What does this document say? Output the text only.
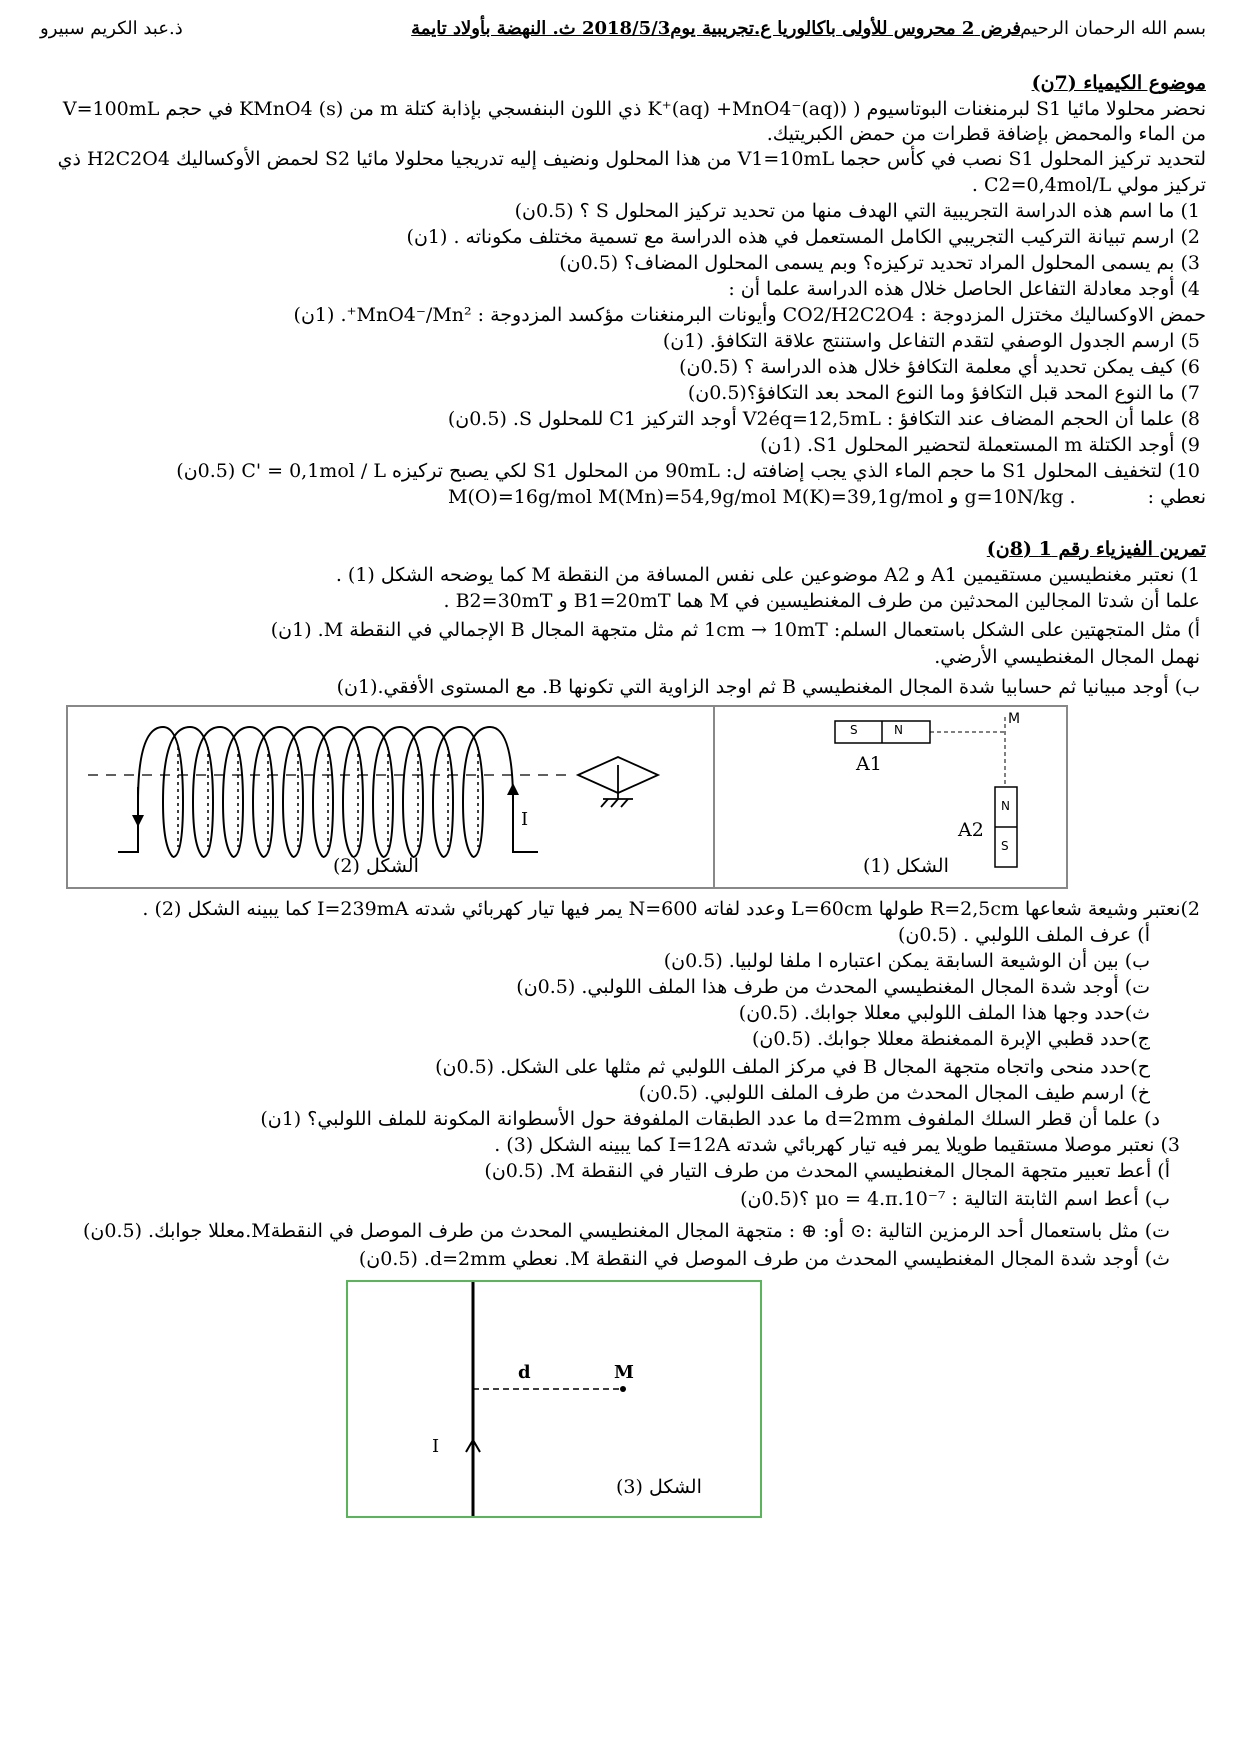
ذ.عبد الكريم سبيرو	فرض 2 محروس للأولى باكالوريا ع.تجريبية يوم2018/5/3 ث. النهضة بأولاد تايمة بسم الله الرحمان الرحيم
موضوع الكيمياء (7ن)
نحضر محلولا مائيا S1 لبرمنغنات البوتاسيوم ( (K⁺(aq) +MnO4⁻(aq) ذي اللون البنفسجي بإذابة كتلة m من KMnO4 (s) في حجم V=100mL
من الماء والمحمض بإضافة قطرات من حمض الكبريتيك.
لتحديد تركيز المحلول S1 نصب في كأس حجما V1=10mL من هذا المحلول ونضيف إليه تدريجيا محلولا مائيا S2 لحمض الأوكساليك H2C2O4 ذي
تركيز مولي C2=0,4mol/L .
1) ما اسم هذه الدراسة التجريبية التي الهدف منها من تحديد تركيز المحلول S ؟ (0.5ن)
2) ارسم تبيانة التركيب التجريبي الكامل المستعمل في هذه الدراسة مع تسمية مختلف مكوناته . (1ن)
3) بم يسمى المحلول المراد تحديد تركيزه؟ وبم يسمى المحلول المضاف؟ (0.5ن)
4) أوجد معادلة التفاعل الحاصل خلال هذه الدراسة علما أن :
حمض الاوكساليك مختزل المزدوجة : CO2/H2C2O4 وأيونات البرمنغنات مؤكسد المزدوجة : MnO4⁻/Mn²⁺. (1ن)
5) ارسم الجدول الوصفي لتقدم التفاعل واستنتج علاقة التكافؤ. (1ن)
6) كيف يمكن تحديد أي معلمة التكافؤ خلال هذه الدراسة ؟ (0.5ن)
7) ما النوع المحد قبل التكافؤ وما النوع المحد بعد التكافؤ؟(0.5ن)
8) علما أن الحجم المضاف عند التكافؤ : V2éq=12,5mL أوجد التركيز C1 للمحلول S. (0.5ن)
9) أوجد الكتلة m المستعملة لتحضير المحلول S1. (1ن)
10) لتخفيف المحلول S1 ما حجم الماء الذي يجب إضافته ل: 90mL من المحلول S1 لكي يصبح تركيزه C' = 0,1mol / L (0.5ن)
نعطي :  M(O)=16g/mol M(Mn)=54,9g/mol M(K)=39,1g/mol و g=10N/kg .
تمرين الفيزياء رقم 1 (8ن)
1) نعتبر مغنطيسين مستقيمين A1 و A2 موضوعين على نفس المسافة من النقطة M كما يوضحه الشكل (1) .
علما أن شدتا المجالين المحدثين من طرف المغنطيسين في M هما B1=20mT و B2=30mT .
أ) مثل المتجهتين على الشكل باستعمال السلم: 1cm → 10mT ثم مثل متجهة المجال B الإجمالي في النقطة M. (1ن)
نهمل المجال المغنطيسي الأرضي.
ب) أوجد مبيانيا ثم حسابيا شدة المجال المغنطيسي B ثم اوجد الزاوية التي تكونها B. مع المستوى الأفقي.(1ن)
I
الشكل (2)
S	N
A1
M
N
S
A2
الشكل (1)
2)نعتبر وشيعة شعاعها R=2,5cm طولها L=60cm وعدد لفاته N=600 يمر فيها تيار كهربائي شدته I=239mA كما يبينه الشكل (2) .
أ) عرف الملف اللولبي . (0.5ن)
ب) بين أن الوشيعة السابقة يمكن اعتباره ا ملفا لولبيا. (0.5ن)
ت) أوجد شدة المجال المغنطيسي المحدث من طرف هذا الملف اللولبي. (0.5ن)
ث)حدد وجها هذا الملف اللولبي معللا جوابك. (0.5ن)
ج)حدد قطبي الإبرة الممغنطة معللا جوابك. (0.5ن)
ح)حدد منحى واتجاه متجهة المجال B في مركز الملف اللولبي ثم مثلها على الشكل. (0.5ن)
خ) ارسم طيف المجال المحدث من طرف الملف اللولبي. (0.5ن)
د) علما أن قطر السلك الملفوف d=2mm ما عدد الطبقات الملفوفة حول الأسطوانة المكونة للملف اللولبي؟ (1ن)
3) نعتبر موصلا مستقيما طويلا يمر فيه تيار كهربائي شدته I=12A كما يبينه الشكل (3) .
أ) أعط تعبير متجهة المجال المغنطيسي المحدث من طرف التيار في النقطة M. (0.5ن)
ب) أعط اسم الثابتة التالية : μo = 4.π.10⁻⁷ ؟(0.5ن)
ت) مثل باستعمال أحد الرمزين التالية :⊙ أو: ⊕ : متجهة المجال المغنطيسي المحدث من طرف الموصل في النقطةM.معللا جوابك. (0.5ن)
ث) أوجد شدة المجال المغنطيسي المحدث من طرف الموصل في النقطة M. نعطي d=2mm. (0.5ن)
d	M
I
الشكل (3)
